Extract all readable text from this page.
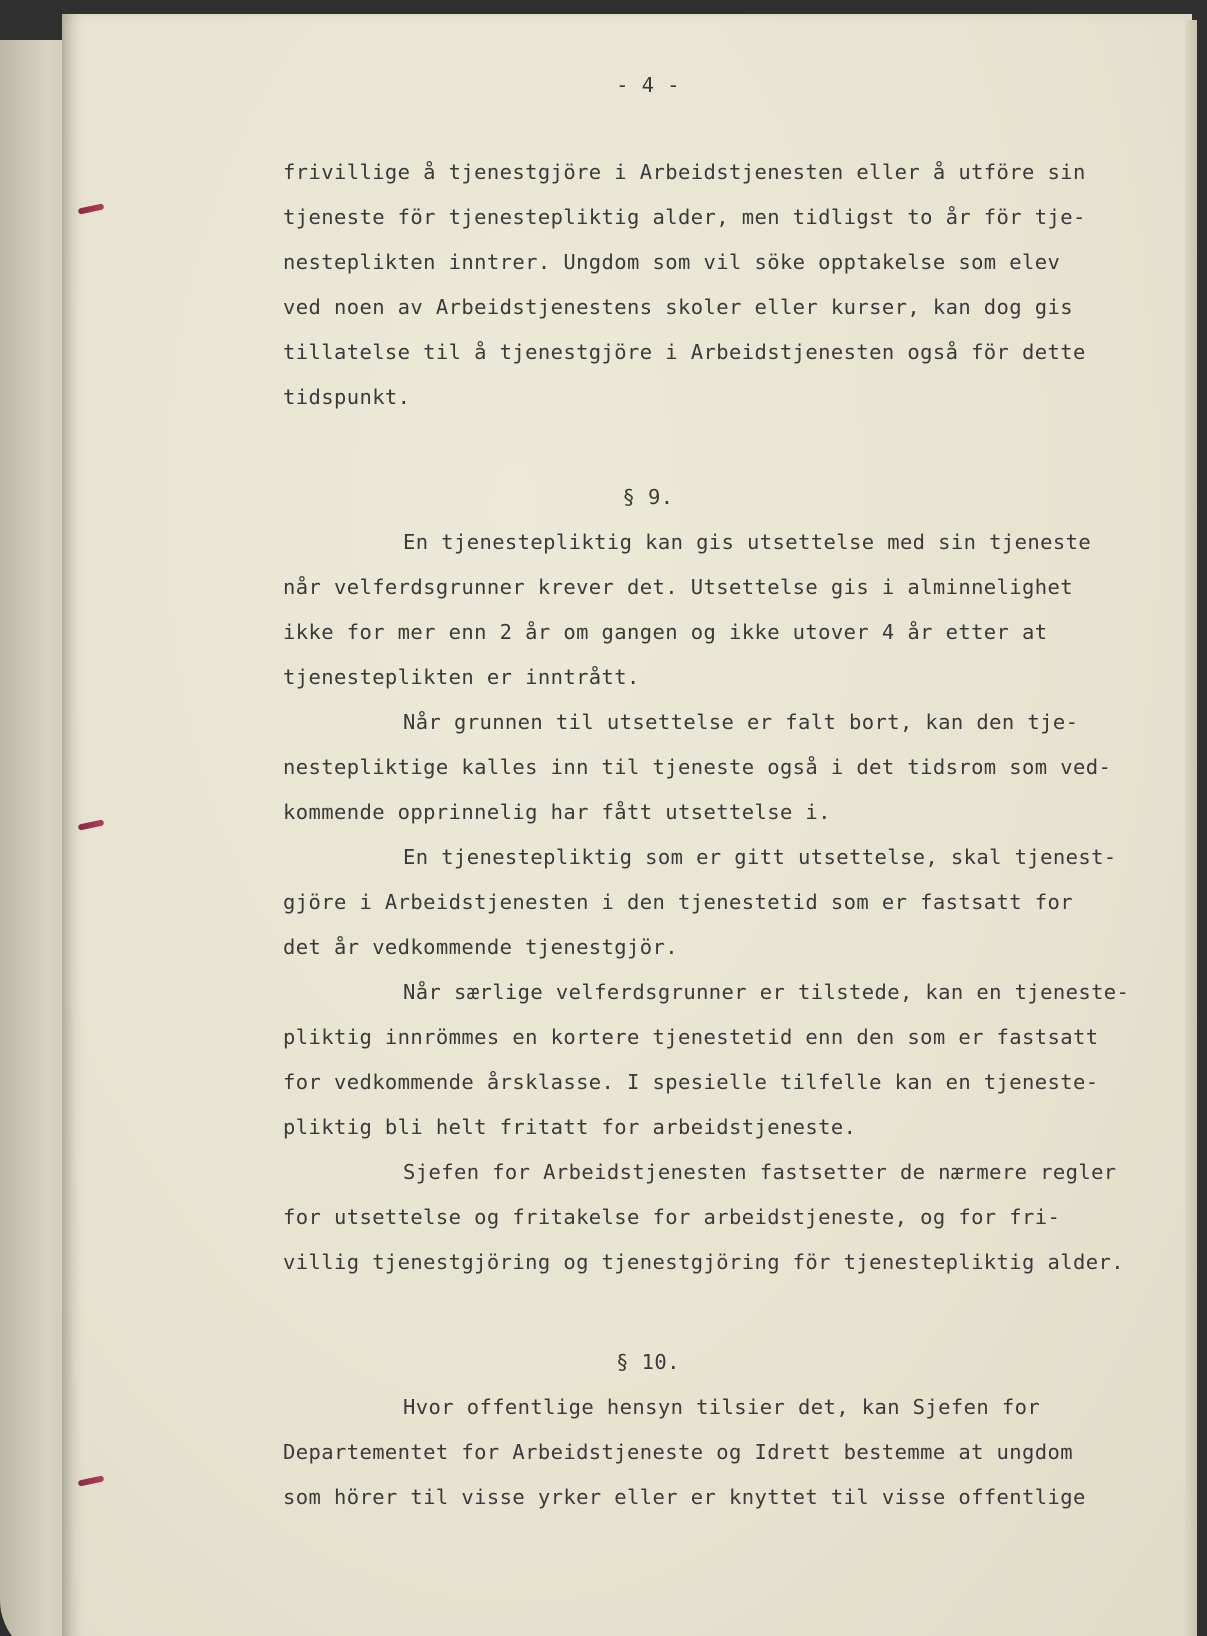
- 4 -
frivillige å tjenestgjöre i Arbeidstjenesten eller å utföre sin
tjeneste för tjenestepliktig alder, men tidligst to år för tje-
nesteplikten inntrer. Ungdom som vil söke opptakelse som elev
ved noen av Arbeidstjenestens skoler eller kurser, kan dog gis
tillatelse til å tjenestgjöre i Arbeidstjenesten også för dette
tidspunkt.
§ 9.
En tjenestepliktig kan gis utsettelse med sin tjeneste
når velferdsgrunner krever det. Utsettelse gis i alminnelighet
ikke for mer enn 2 år om gangen og ikke utover 4 år etter at
tjenesteplikten er inntrått.
Når grunnen til utsettelse er falt bort, kan den tje-
nestepliktige kalles inn til tjeneste også i det tidsrom som ved-
kommende opprinnelig har fått utsettelse i.
En tjenestepliktig som er gitt utsettelse, skal tjenest-
gjöre i Arbeidstjenesten i den tjenestetid som er fastsatt for
det år vedkommende tjenestgjör.
Når særlige velferdsgrunner er tilstede, kan en tjeneste-
pliktig innrömmes en kortere tjenestetid enn den som er fastsatt
for vedkommende årsklasse. I spesielle tilfelle kan en tjeneste-
pliktig bli helt fritatt for arbeidstjeneste.
Sjefen for Arbeidstjenesten fastsetter de nærmere regler
for utsettelse og fritakelse for arbeidstjeneste, og for fri-
villig tjenestgjöring og tjenestgjöring för tjenestepliktig alder.
§ 10.
Hvor offentlige hensyn tilsier det, kan Sjefen for
Departementet for Arbeidstjeneste og Idrett bestemme at ungdom
som hörer til visse yrker eller er knyttet til visse offentlige
